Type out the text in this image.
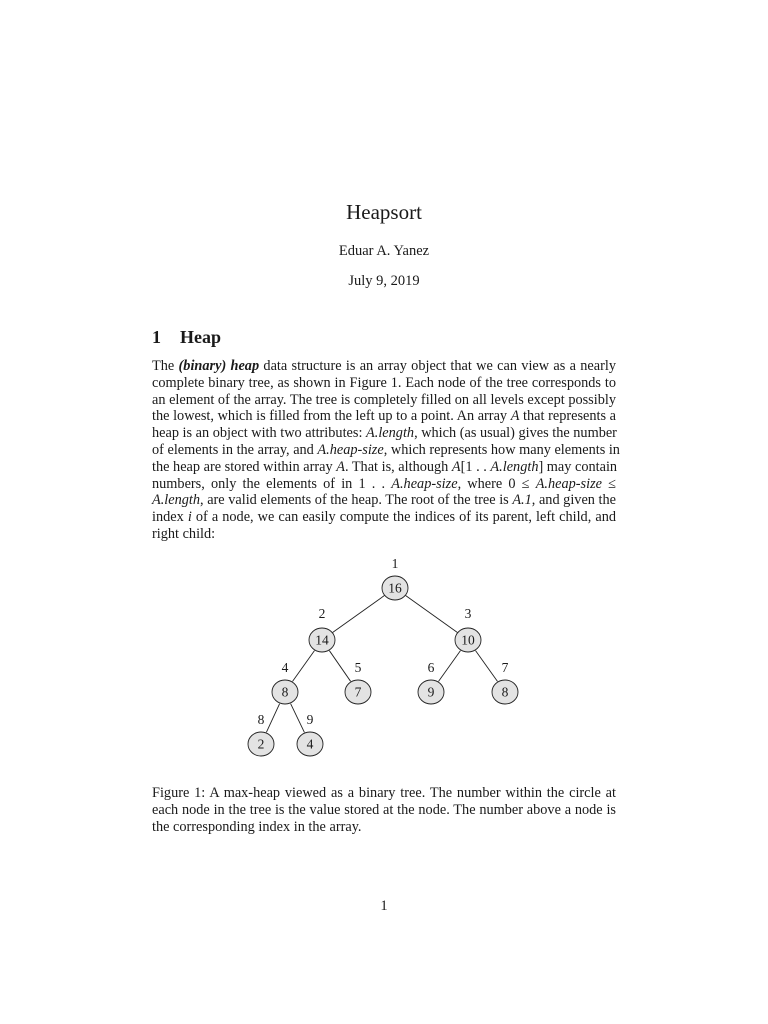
Heapsort
Eduar A. Yanez
July 9, 2019
1 Heap
The (binary) heap data structure is an array object that we can view as a nearly
complete binary tree, as shown in Figure 1. Each node of the tree corresponds to
an element of the array. The tree is completely filled on all levels except possibly
the lowest, which is filled from the left up to a point. An array A that represents a
heap is an object with two attributes: A.length, which (as usual) gives the number
of elements in the array, and A.heap-size, which represents how many elements in
the heap are stored within array A. That is, although A[1 . . A.length] may contain
numbers, only the elements of in 1 . . A.heap-size, where 0 ≤ A.heap-size ≤
A.length, are valid elements of the heap. The root of the tree is A.1, and given the
index i of a node, we can easily compute the indices of its parent, left child, and
right child:
16
1
14
2
10
3
8
4
7
5
9
6
8
7
2
8
4
9
Figure 1: A max-heap viewed as a binary tree. The number within the circle at
each node in the tree is the value stored at the node. The number above a node is
the corresponding index in the array.
1
